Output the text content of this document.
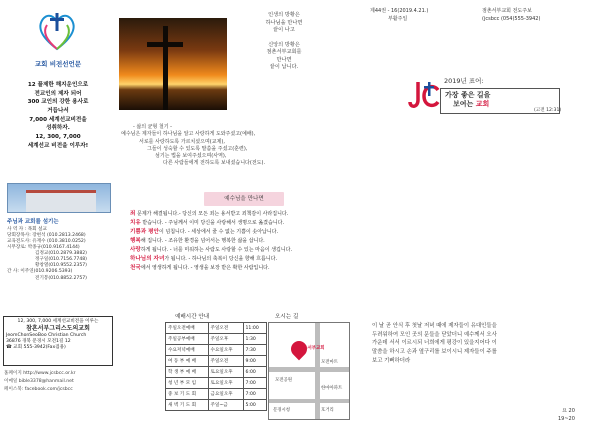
교회 비전선언문
12 플제한 해지운인으로
전교인의 제자 되어
300 교인의 강한 용사로
거듭나서
7,000 세계선교비전을
성취하자.
12, 300, 7,000
세계선교 비전을 이루자!
주님과 교회를 섬기는
사 역 자 : 목회 설교
당회장목사: 장현석 (010.2813.2468)
교육전도사: 유재수 (010.3810.0252)
시무장로: 박종규(010.9167.4144)
김정교(010.2879.3882)
정구일(010.7156.7748)
황창열(010.9552.2357)
간 사: 이주연(010.9206.5393)
전기봉(010.8852.2757)
12, 300, 7,000 세계선교비전을 이루는
참흔서부그리스도의교회
JeomChonSeoBoo Christian Church
36876 경북 문경시 모전1길 12
☎ 교회 555-3942(Fax겸용)
홈페이지 http://www.jcsbcc.or.kr
이메일 bible3378@hanmail.net
페이스북: facebook.com/jcsbcc
인생의 방황은
하나님을 만나면
끝이 나고
신앙의 방황은
점촌서부교회를
만나면
끝이 납니다.
- 삶의 균형 철기 -
예수님은 제자들이 하나님을 알고 사랑하게 도와주셨고(예배),
서로를 사랑하도록 가르치셨으며(교제),
그들이 성숙할 수 있도록 말씀을 주셨고(훈련),
섬기는 법을 보여주셨으며(사역),
다른 사람들에게 전하도록 보내셨습니다(전도).
예수님을 만나면
죄 문제가 해결됩니다.- 당신의 모든 죄는 용서받고 죄책감이 사라집니다.
치유 받습니다. - 주님께서 이미 당신을 사랑해서 생명으로 옮겼습니다.
기쁨과 평안이 넘칩니다. - 세상에서 줄 수 없는 기쁨이 솟아납니다.
행복해 집니다. - 조유한 환경을 넘어서는 행복한 삶을 삽니다.
사랑하게 됩니다. - 너를 미워하는 사람도 사랑할 수 있는 마음이 생깁니다.
하나님의 자녀가 됩니다. - 하나님의 축복이 당신을 향해 흐릅니다.
천국에서 영생하게 됩니다. - 영생을 보장 받은 확한 사람입니다.
예배시간 안내	오시는 길
주일오전예배	주일오전	11:00
주일공부예배	주일오후	1:30
수요저녁예배	수요일오후	7:30
여 동 부 예 배	주일오전	9:00
학 생 부 예 배	토요일오후	6:00
청 년 부 모 임	토요일오후	7:00
중 보 기 도 회	금요일오후	7:00
새 벽 기 도 회	주일~금	5:00
점촌서부교회
모전공원
한마아파트
문경시청	호거리
모전마트
제44권 - 16(2019.4.21.)
부활주일
점촌서부교회 전도주보
(jcsbcc (054)555-3942)
2019년 표어:
가장 좋은 길을
보여는 교회
(고전 12:31)
이 날 곧 안식 후 첫날 저녁 때에 제자들이 유대인들을
두려워하여 모인 곳의 문들을 닫았더니 예수께서 오사
가운데 서서 이르시되 너희에게 평강이 있을지어다 이
말씀을 하시고 손과 옆구리를 보이시니 제자들이 주를
보고 기뻐하더라
요 20
19~20
